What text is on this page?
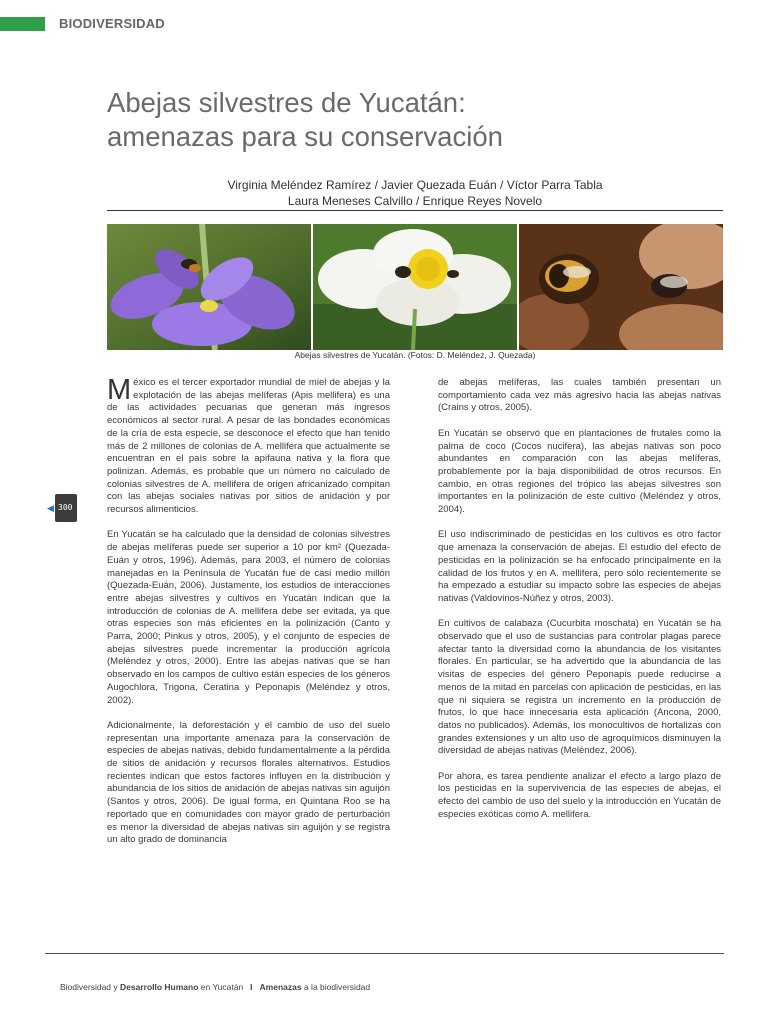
BIODIVERSIDAD
Abejas silvestres de Yucatán:
amenazas para su conservación
Virginia Meléndez Ramírez / Javier Quezada Euán / Víctor Parra Tabla
Laura Meneses Calvillo / Enrique Reyes Novelo
Abejas silvestres de Yucatán. (Fotos: D. Meléndez, J. Quezada)
◀ 300

México es el tercer exportador mundial de miel de abejas y la explotación de las abejas melíferas (Apis mellifera) es una de las actividades pecuarias que generan más ingresos económicos al sector rural. A pesar de las bondades económicas de la cría de esta especie, se desconoce el efecto que han tenido más de 2 millones de colonias de A. mellifera que actualmente se encuentran en el país sobre la apifauna nativa y la flora que polinizan. Además, es probable que un número no calculado de colonias silvestres de A. mellifera de origen africanizado compitan con las abejas sociales nativas por sitios de anidación y por recursos alimenticios.

En Yucatán se ha calculado que la densidad de colonias silvestres de abejas melíferas puede ser superior a 10 por km² (Quezada-Euán y otros, 1996). Además, para 2003, el número de colonias manejadas en la Península de Yucatán fue de casi medio millón (Quezada-Euán, 2006). Justamente, los estudios de interacciones entre abejas silvestres y cultivos en Yucatán indican que la introducción de colonias de A. mellifera debe ser evitada, ya que otras especies son más eficientes en la polinización (Canto y Parra, 2000; Pinkus y otros, 2005), y el conjunto de especies de abejas silvestres puede incrementar la producción agrícola (Meléndez y otros, 2000). Entre las abejas nativas que se han observado en los campos de cultivo están especies de los géneros Augochlora, Trigona, Ceratina y Peponapis (Meléndez y otros, 2002).

Adicionalmente, la deforestación y el cambio de uso del suelo representan una importante amenaza para la conservación de especies de abejas nativas, debido fundamentalmente a la pérdida de sitios de anidación y recursos florales alternativos. Estudios recientes indican que estos factores influyen en la distribución y abundancia de los sitios de anidación de abejas nativas sin aguijón (Santos y otros, 2006). De igual forma, en Quintana Roo se ha reportado que en comunidades con mayor grado de perturbación es menor la diversidad de abejas nativas sin aguijón y se registra un alto grado de dominancia

de abejas melíferas, las cuales también presentan un comportamiento cada vez más agresivo hacia las abejas nativas (Crains y otros, 2005).

En Yucatán se observó que en plantaciones de frutales como la palma de coco (Cocos nucifera), las abejas nativas son poco abundantes en comparación con las abejas melíferas, probablemente por la baja disponibilidad de otros recursos. En cambio, en otras regiones del trópico las abejas silvestres son importantes en la polinización de este cultivo (Meléndez y otros, 2004).

El uso indiscriminado de pesticidas en los cultivos es otro factor que amenaza la conservación de abejas. El estudio del efecto de pesticidas en la polinización se ha enfocado principalmente en la calidad de los frutos y en A. mellifera, pero sólo recientemente se ha empezado a estudiar su impacto sobre las especies de abejas nativas (Valdovinos-Núñez y otros, 2003).

En cultivos de calabaza (Cucurbita moschata) en Yucatán se ha observado que el uso de sustancias para controlar plagas parece afectar tanto la diversidad como la abundancia de los visitantes florales. En particular, se ha advertido que la abundancia de las visitas de especies del género Peponapis puede reducirse a menos de la mitad en parcelas con aplicación de pesticidas, en las que ni siquiera se registra un incremento en la producción de frutos, lo que hace innecesaria esta aplicación (Ancona, 2000, datos no publicados). Además, los monocultivos de hortalizas con grandes extensiones y un alto uso de agroquímicos disminuyen la diversidad de abejas nativas (Meléndez, 2006).

Por ahora, es tarea pendiente analizar el efecto a largo plazo de los pesticidas en la supervivencia de las especies de abejas, el efecto del cambio de uso del suelo y la introducción en Yucatán de especies exóticas como A. mellifera.

Biodiversidad y Desarrollo Humano en Yucatán I Amenazas a la biodiversidad
